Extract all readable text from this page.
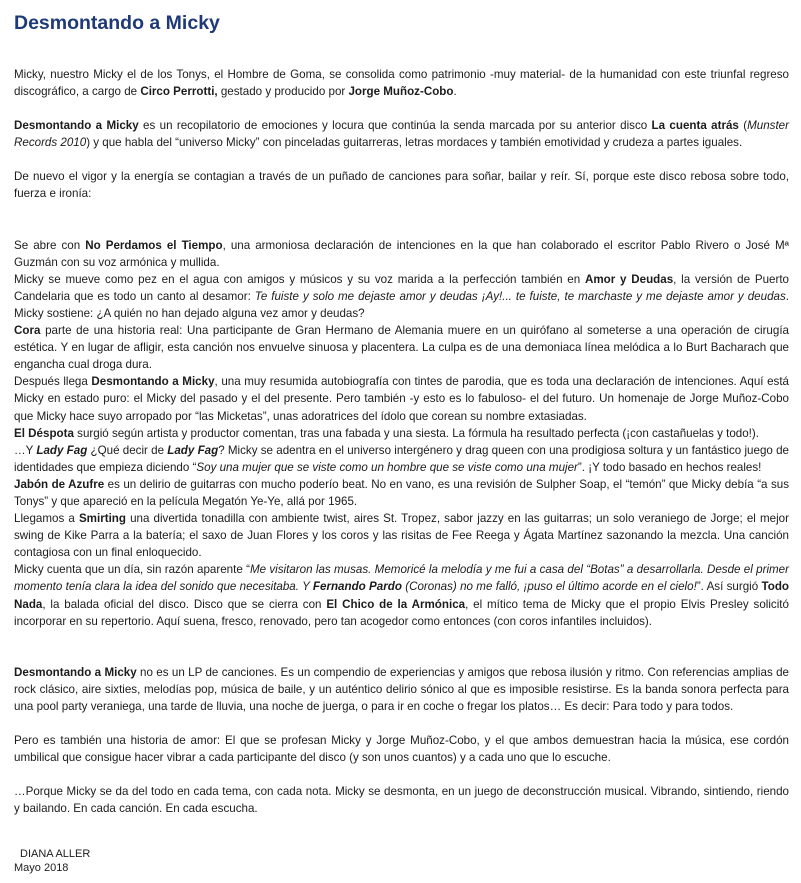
Desmontando a Micky

Micky, nuestro Micky el de los Tonys, el Hombre de Goma, se consolida como patrimonio -muy material- de la humanidad con este triunfal regreso discográfico, a cargo de Circo Perrotti, gestado y producido por Jorge Muñoz-Cobo.

Desmontando a Micky es un recopilatorio de emociones y locura que continúa la senda marcada por su anterior disco La cuenta atrás (Munster Records 2010) y que habla del “universo Micky” con pinceladas guitarreras, letras mordaces y también emotividad y crudeza a partes iguales.

De nuevo el vigor y la energía se contagian a través de un puñado de canciones para soñar, bailar y reír. Sí, porque este disco rebosa sobre todo, fuerza e ironía:

Se abre con No Perdamos el Tiempo, una armoniosa declaración de intenciones en la que han colaborado el escritor Pablo Rivero o José Mª Guzmán con su voz armónica y mullida.

Micky se mueve como pez en el agua con amigos y músicos y su voz marida a la perfección también en Amor y Deudas, la versión de Puerto Candelaria que es todo un canto al desamor: Te fuiste y solo me dejaste amor y deudas ¡Ay!... te fuiste, te marchaste y me dejaste amor y deudas. Micky sostiene: ¿A quién no han dejado alguna vez amor y deudas?

Cora parte de una historia real: Una participante de Gran Hermano de Alemania muere en un quirófano al someterse a una operación de cirugía estética. Y en lugar de afligir, esta canción nos envuelve sinuosa y placentera. La culpa es de una demoniaca línea melódica a lo Burt Bacharach que engancha cual droga dura.

Después llega Desmontando a Micky, una muy resumida autobiografía con tintes de parodia, que es toda una declaración de intenciones. Aquí está Micky en estado puro: el Micky del pasado y el del presente. Pero también -y esto es lo fabuloso- el del futuro. Un homenaje de Jorge Muñoz-Cobo que Micky hace suyo arropado por “las Micketas”, unas adoratrices del ídolo que corean su nombre extasiadas.

El Déspota surgió según artista y productor comentan, tras una fabada y una siesta. La fórmula ha resultado perfecta (¡con castañuelas y todo!).

…Y Lady Fag ¿Qué decir de Lady Fag? Micky se adentra en el universo intergénero y drag queen con una prodigiosa soltura y un fantástico juego de identidades que empieza diciendo “Soy una mujer que se viste como un hombre que se viste como una mujer”. ¡Y todo basado en hechos reales!

Jabón de Azufre es un delirio de guitarras con mucho poderío beat. No en vano, es una revisión de Sulpher Soap, el “temón” que Micky debía “a sus Tonys” y que apareció en la película Megatón Ye-Ye, allá por 1965.

Llegamos a Smirting una divertida tonadilla con ambiente twist, aires St. Tropez, sabor jazzy en las guitarras; un solo veraniego de Jorge; el mejor swing de Kike Parra a la batería; el saxo de Juan Flores y los coros y las risitas de Fee Reega y Ágata Martínez sazonando la mezcla. Una canción contagiosa con un final enloquecido.

Micky cuenta que un día, sin razón aparente “Me visitaron las musas. Memoricé la melodía y me fui a casa del “Botas” a desarrollarla. Desde el primer momento tenía clara la idea del sonido que necesitaba. Y Fernando Pardo (Coronas) no me falló, ¡puso el último acorde en el cielo!”. Así surgió Todo Nada, la balada oficial del disco. Disco que se cierra con El Chico de la Armónica, el mítico tema de Micky que el propio Elvis Presley solicitó incorporar en su repertorio. Aquí suena, fresco, renovado, pero tan acogedor como entonces (con coros infantiles incluidos).

Desmontando a Micky no es un LP de canciones. Es un compendio de experiencias y amigos que rebosa ilusión y ritmo. Con referencias amplias de rock clásico, aire sixties, melodías pop, música de baile, y un auténtico delirio sónico al que es imposible resistirse. Es la banda sonora perfecta para una pool party veraniega, una tarde de lluvia, una noche de juerga, o para ir en coche o fregar los platos… Es decir: Para todo y para todos.

Pero es también una historia de amor: El que se profesan Micky y Jorge Muñoz-Cobo, y el que ambos demuestran hacia la música, ese cordón umbilical que consigue hacer vibrar a cada participante del disco (y son unos cuantos) y a cada uno que lo escuche.

…Porque Micky se da del todo en cada tema, con cada nota. Micky se desmonta, en un juego de deconstrucción musical. Vibrando, sintiendo, riendo y bailando. En cada canción. En cada escucha.

DIANA ALLER
Mayo 2018
